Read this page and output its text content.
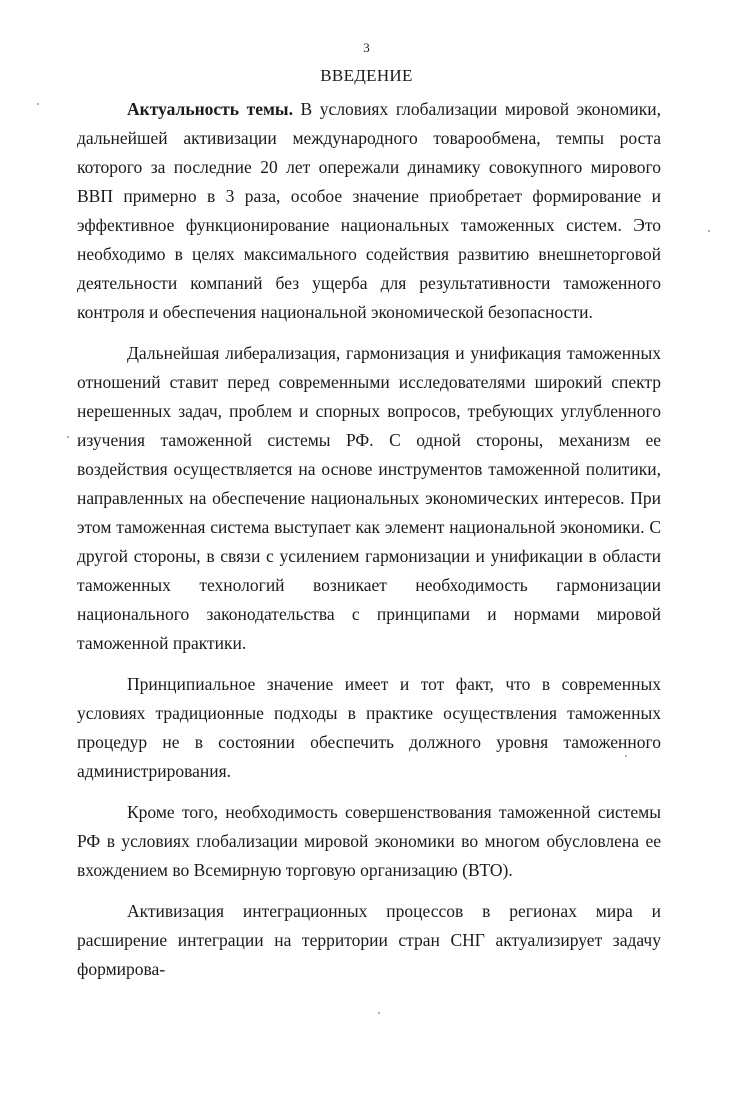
3
ВВЕДЕНИЕ

Актуальность темы. В условиях глобализации мировой экономики, дальнейшей активизации международного товарообмена, темпы роста которого за последние 20 лет опережали динамику совокупного мирового ВВП примерно в 3 раза, особое значение приобретает формирование и эффективное функционирование национальных таможенных систем. Это необходимо в целях максимального содействия развитию внешнеторговой деятельности компаний без ущерба для результативности таможенного контроля и обеспечения национальной экономической безопасности.

Дальнейшая либерализация, гармонизация и унификация таможенных отношений ставит перед современными исследователями широкий спектр нерешенных задач, проблем и спорных вопросов, требующих углубленного изучения таможенной системы РФ. С одной стороны, механизм ее воздействия осуществляется на основе инструментов таможенной политики, направленных на обеспечение национальных экономических интересов. При этом таможенная система выступает как элемент национальной экономики. С другой стороны, в связи с усилением гармонизации и унификации в области таможенных технологий возникает необходимость гармонизации национального законодательства с принципами и нормами мировой таможенной практики.

Принципиальное значение имеет и тот факт, что в современных условиях традиционные подходы в практике осуществления таможенных процедур не в состоянии обеспечить должного уровня таможенного администрирования.

Кроме того, необходимость совершенствования таможенной системы РФ в условиях глобализации мировой экономики во многом обусловлена ее вхождением во Всемирную торговую организацию (ВТО).

Активизация интеграционных процессов в регионах мира и расширение интеграции на территории стран СНГ актуализирует задачу формирова-
